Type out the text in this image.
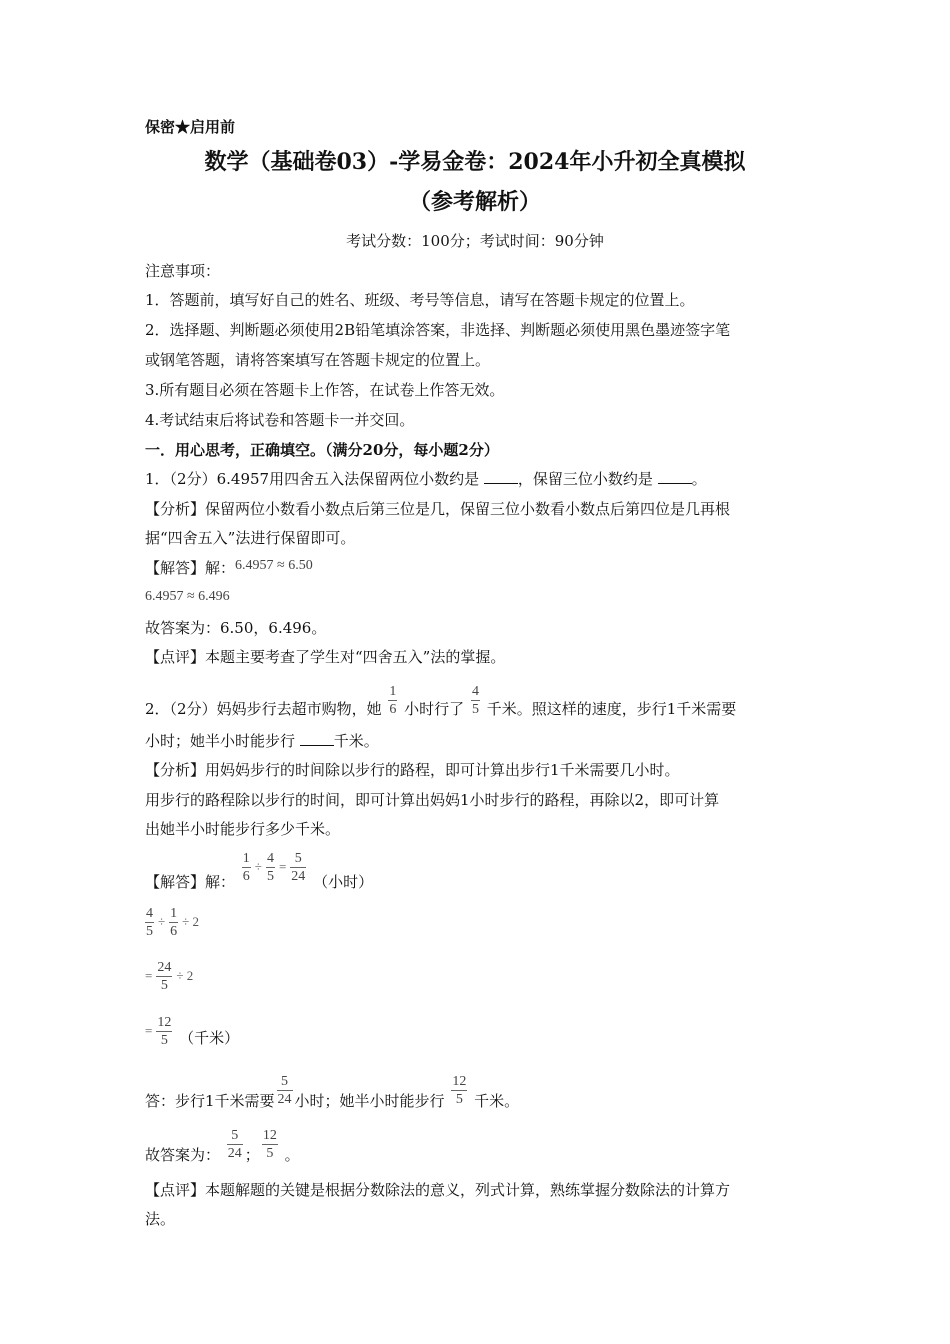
保密★启用前
数学（基础卷03）-学易金卷：2024年小升初全真模拟
（参考解析）
考试分数：100分；考试时间：90分钟
注意事项：
1．答题前，填写好自己的姓名、班级、考号等信息，请写在答题卡规定的位置上。
2．选择题、判断题必须使用2B铅笔填涂答案，非选择、判断题必须使用黑色墨迹签字笔
或钢笔答题，请将答案填写在答题卡规定的位置上。
3.所有题目必须在答题卡上作答，在试卷上作答无效。
4.考试结束后将试卷和答题卡一并交回。
一．用心思考，正确填空。（满分20分，每小题2分）
1．（2分）6.4957用四舍五入法保留两位小数约是	，保留三位小数约是	。
【分析】保留两位小数看小数点后第三位是几，保留三位小数看小数点后第四位是几再根
据“四舍五入”法进行保留即可。
【解答】解：6.4957 ≈ 6.50
6.4957 ≈ 6.496
故答案为：6.50，6.496。
【点评】本题主要考查了学生对“四舍五入”法的掌握。
2．（2分）妈妈步行去超市购物，她 $\frac{1}{6}$ 小时行了 $\frac{4}{5}$ 千米。照这样的速度，步行1千米需要
小时；她半小时能步行	千米。
【分析】用妈妈步行的时间除以步行的路程，即可计算出步行1千米需要几小时。
用步行的路程除以步行的时间，即可计算出妈妈1小时步行的路程，再除以2，即可计算
出她半小时能步行多少千米。
【解答】解： $\frac{1}{6} \div \frac{4}{5} = \frac{5}{24}$ （小时）
$\frac{4}{5} \div \frac{1}{6} \div 2$
= $\frac{24}{5} \div 2$
= $\frac{12}{5}$ （千米）
答：步行1千米需要 $\frac{5}{24}$ 小时；她半小时能步行 $\frac{12}{5}$ 千米。
故答案为： $\frac{5}{24}$ ； $\frac{12}{5}$ 。
【点评】本题解题的关键是根据分数除法的意义，列式计算，熟练掌握分数除法的计算方
法。
